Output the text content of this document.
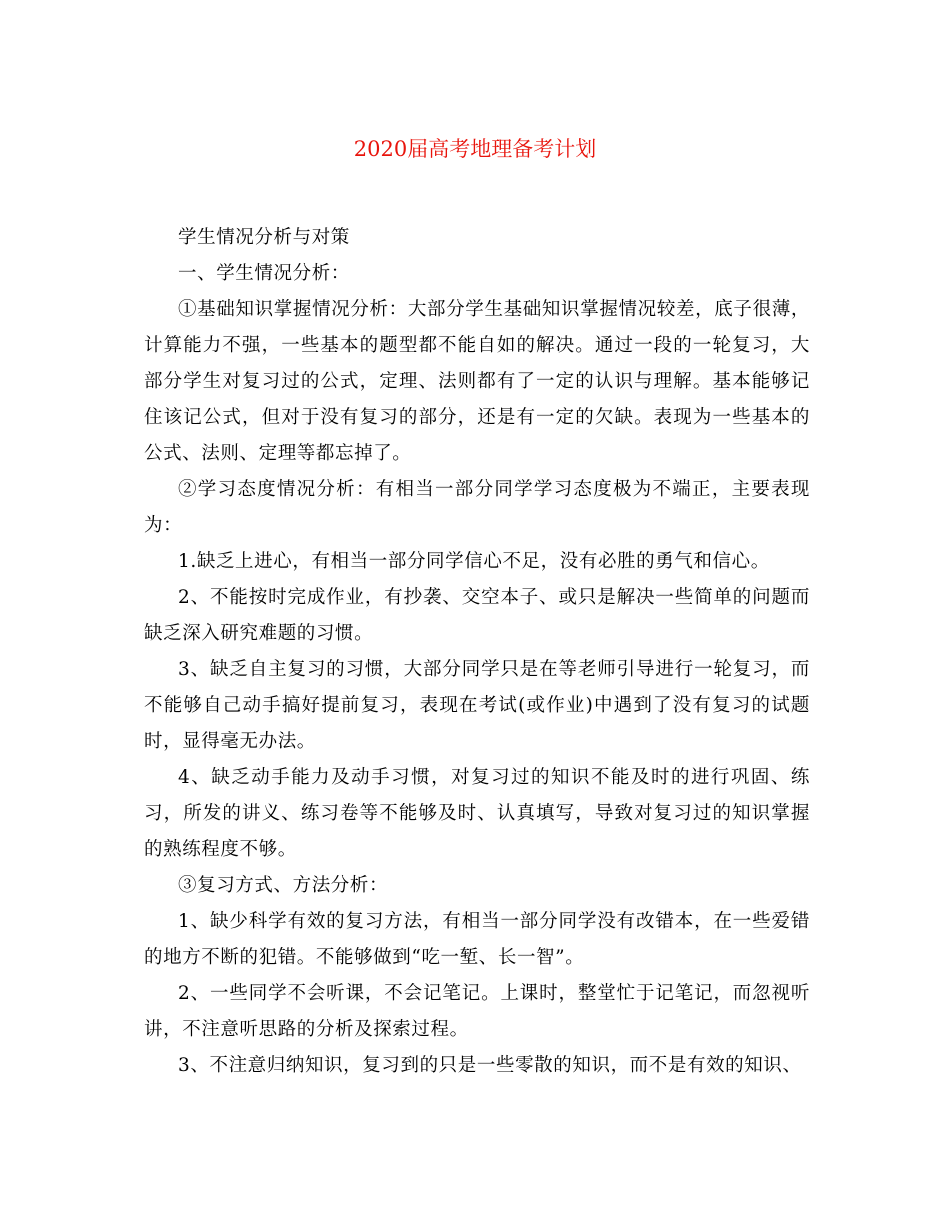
2020届高考地理备考计划

学生情况分析与对策

一、学生情况分析：

①基础知识掌握情况分析：大部分学生基础知识掌握情况较差，底子很薄，计算能力不强，一些基本的题型都不能自如的解决。通过一段的一轮复习，大部分学生对复习过的公式，定理、法则都有了一定的认识与理解。基本能够记住该记公式，但对于没有复习的部分，还是有一定的欠缺。表现为一些基本的公式、法则、定理等都忘掉了。

②学习态度情况分析：有相当一部分同学学习态度极为不端正，主要表现为：

1.缺乏上进心，有相当一部分同学信心不足，没有必胜的勇气和信心。

2、不能按时完成作业，有抄袭、交空本子、或只是解决一些简单的问题而缺乏深入研究难题的习惯。

3、缺乏自主复习的习惯，大部分同学只是在等老师引导进行一轮复习，而不能够自己动手搞好提前复习，表现在考试(或作业)中遇到了没有复习的试题时，显得毫无办法。

4、缺乏动手能力及动手习惯，对复习过的知识不能及时的进行巩固、练习，所发的讲义、练习卷等不能够及时、认真填写，导致对复习过的知识掌握的熟练程度不够。

③复习方式、方法分析：

1、缺少科学有效的复习方法，有相当一部分同学没有改错本，在一些爱错的地方不断的犯错。不能够做到“吃一堑、长一智”。

2、一些同学不会听课，不会记笔记。上课时，整堂忙于记笔记，而忽视听讲，不注意听思路的分析及探索过程。

3、不注意归纳知识，复习到的只是一些零散的知识，而不是有效的知识、
